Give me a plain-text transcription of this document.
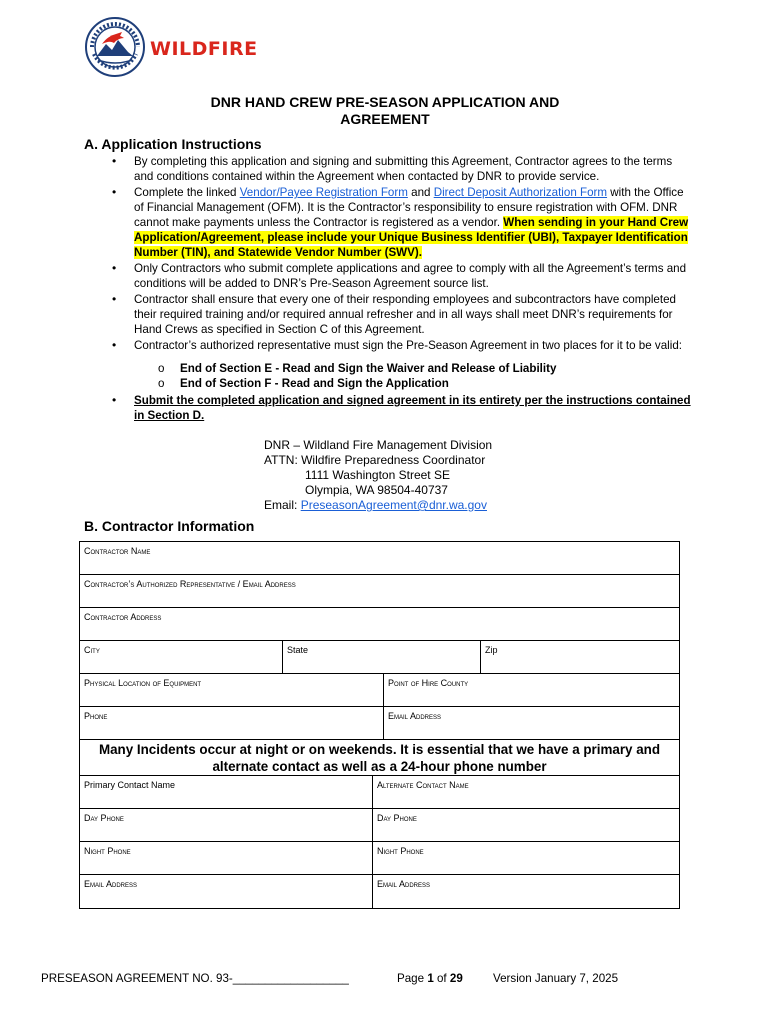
WILDFIRE
DNR HAND CREW PRE-SEASON APPLICATION AND
AGREEMENT
A. Application Instructions
• By completing this application and signing and submitting this Agreement, Contractor agrees to the terms and conditions contained within the Agreement when contacted by DNR to provide service.
• Complete the linked Vendor/Payee Registration Form and Direct Deposit Authorization Form with the Office of Financial Management (OFM). It is the Contractor’s responsibility to ensure registration with OFM. DNR cannot make payments unless the Contractor is registered as a vendor. When sending in your Hand Crew Application/Agreement, please include your Unique Business Identifier (UBI), Taxpayer Identification Number (TIN), and Statewide Vendor Number (SWV).
• Only Contractors who submit complete applications and agree to comply with all the Agreement’s terms and conditions will be added to DNR’s Pre-Season Agreement source list.
• Contractor shall ensure that every one of their responding employees and subcontractors have completed their required training and/or required annual refresher and in all ways shall meet DNR’s requirements for Hand Crews as specified in Section C of this Agreement.
• Contractor’s authorized representative must sign the Pre-Season Agreement in two places for it to be valid:
o End of Section E - Read and Sign the Waiver and Release of Liability
o End of Section F - Read and Sign the Application
• Submit the completed application and signed agreement in its entirety per the instructions contained in Section D.
DNR – Wildland Fire Management Division
ATTN: Wildfire Preparedness Coordinator
1111 Washington Street SE
Olympia, WA 98504-40737
Email: PreseasonAgreement@dnr.wa.gov
B. Contractor Information
Contractor Name
Contractor’s Authorized Representative / Email Address
Contractor Address
City	State	Zip
Physical Location of Equipment	Point of Hire County
Phone	Email Address
Many Incidents occur at night or on weekends. It is essential that we have a primary and alternate contact as well as a 24-hour phone number
Primary Contact Name	Alternate Contact Name
Day Phone	Day Phone
Night Phone	Night Phone
Email Address	Email Address
PRESEASON AGREEMENT NO. 93-__________________	Page 1 of 29	Version January 7, 2025
